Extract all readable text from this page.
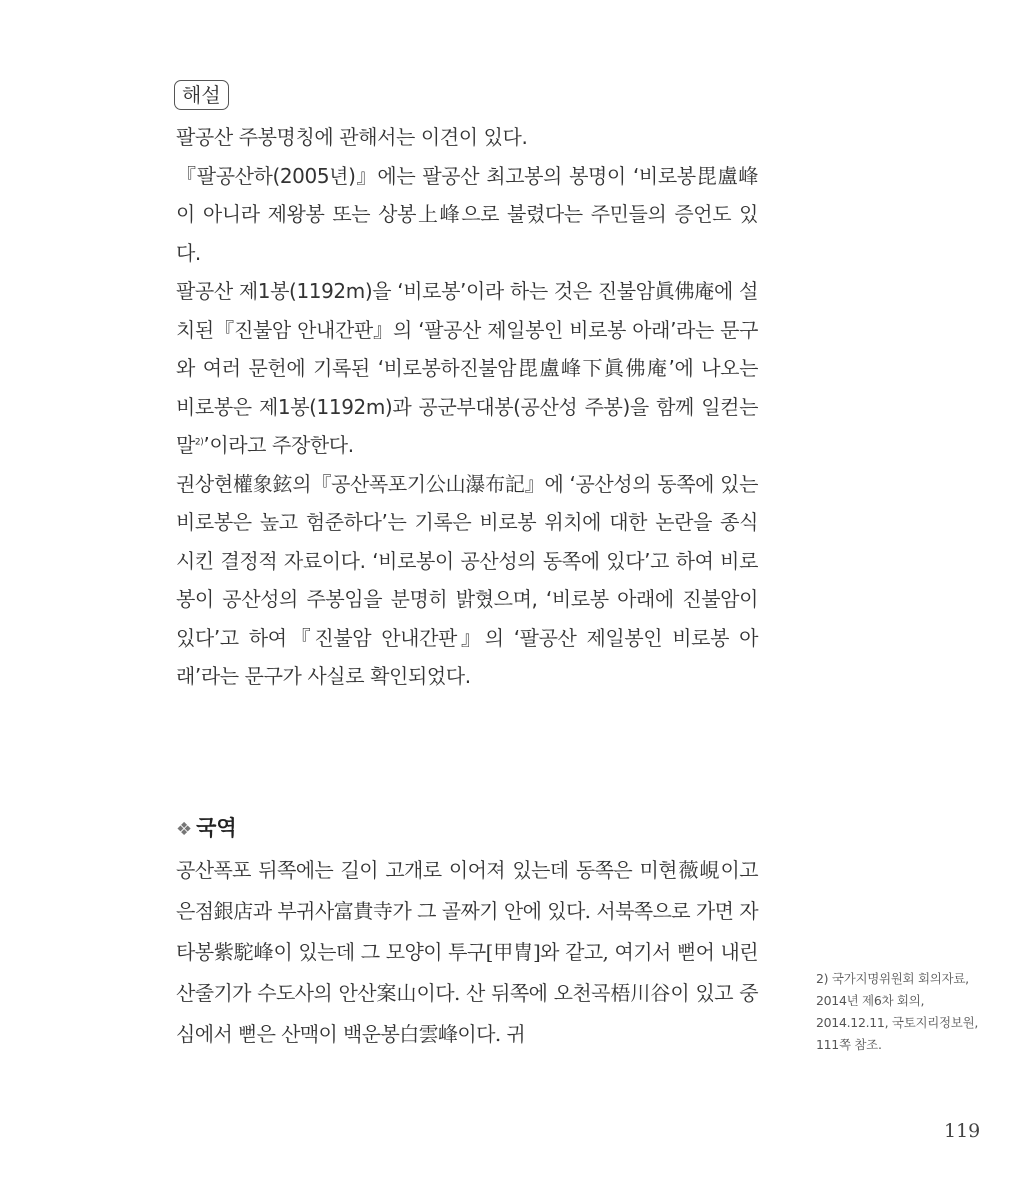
해설

팔공산 주봉명칭에 관해서는 이견이 있다.

『팔공산하(2005년)』에는 팔공산 최고봉의 봉명이 ‘비로봉毘盧峰이 아니라 제왕봉 또는 상봉上峰으로 불렸다는 주민들의 증언도 있다.

팔공산 제1봉(1192m)을 ‘비로봉’이라 하는 것은 진불암眞佛庵에 설치된『진불암 안내간판』의 ‘팔공산 제일봉인 비로봉 아래’라는 문구와 여러 문헌에 기록된 ‘비로봉하진불암毘盧峰下眞佛庵’에 나오는 비로봉은 제1봉(1192m)과 공군부대봉(공산성 주봉)을 함께 일컫는 말$^{2)}$’이라고 주장한다.

권상현權象鉉의『공산폭포기公山瀑布記』에 ‘공산성의 동쪽에 있는 비로봉은 높고 험준하다’는 기록은 비로봉 위치에 대한 논란을 종식시킨 결정적 자료이다. ‘비로봉이 공산성의 동쪽에 있다’고 하여 비로봉이 공산성의 주봉임을 분명히 밝혔으며, ‘비로봉 아래에 진불암이 있다’고 하여『진불암 안내간판』의 ‘팔공산 제일봉인 비로봉 아래’라는 문구가 사실로 확인되었다.

❖ 국역

공산폭포 뒤쪽에는 길이 고개로 이어져 있는데 동쪽은 미현薇峴이고 은점銀店과 부귀사富貴寺가 그 골짜기 안에 있다. 서북쪽으로 가면 자타봉紫駝峰이 있는데 그 모양이 투구[甲冑]와 같고, 여기서 뻗어 내린 산줄기가 수도사의 안산案山이다. 산 뒤쪽에 오천곡梧川谷이 있고 중심에서 뻗은 산맥이 백운봉白雲峰이다. 귀

2) 국가지명위원회 회의자료, 2014년 제6차 회의, 2014.12.11, 국토지리정보원, 111쪽 참조.
119
